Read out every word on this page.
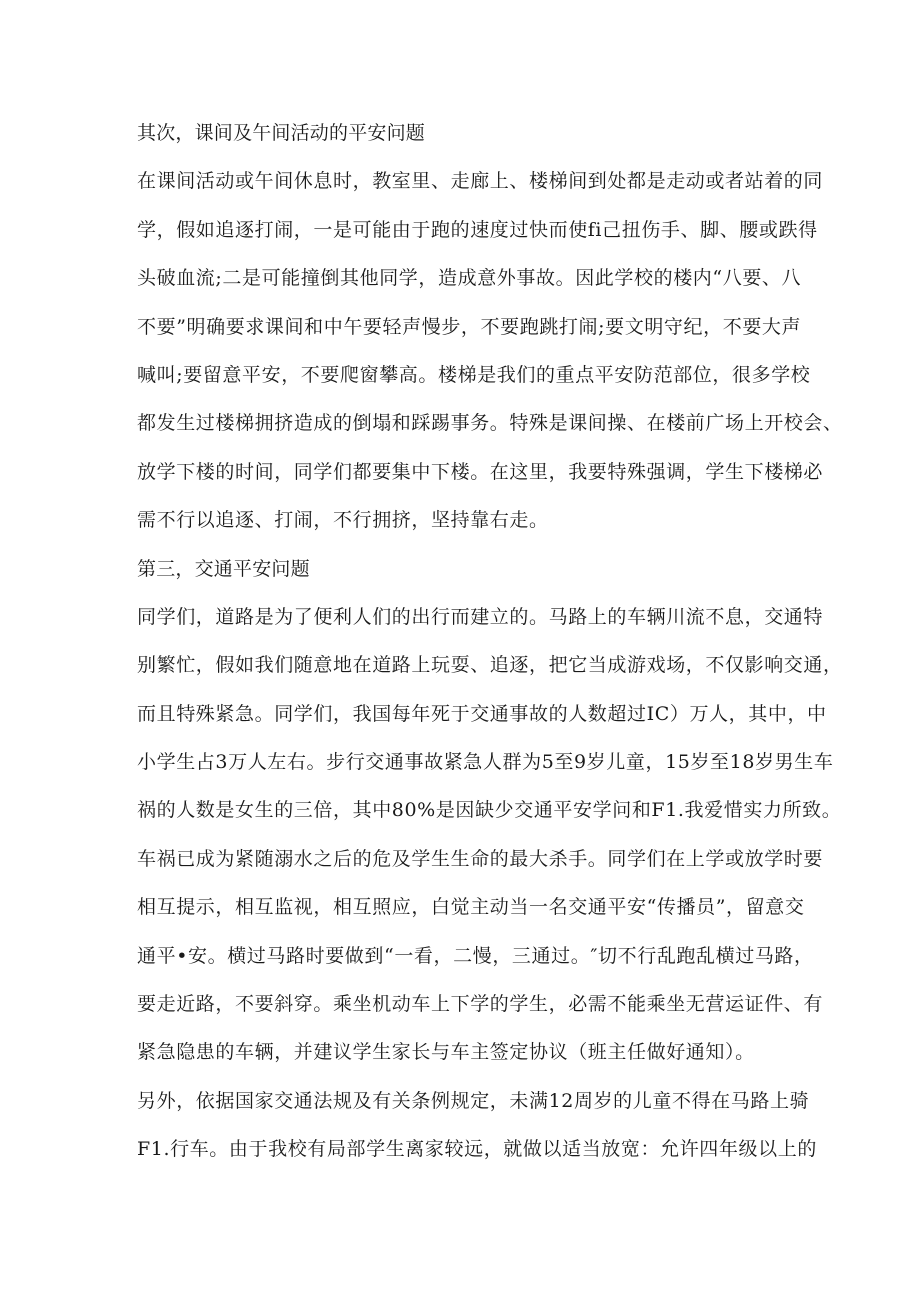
其次，课间及午间活动的平安问题
在课间活动或午间休息时，教室里、走廊上、楼梯间到处都是走动或者站着的同
学，假如追逐打闹，一是可能由于跑的速度过快而使fi己扭伤手、脚、腰或跌得
头破血流;二是可能撞倒其他同学，造成意外事故。因此学校的楼内“八要、八
不要”明确要求课间和中午要轻声慢步，不要跑跳打闹;要文明守纪，不要大声
喊叫;要留意平安，不要爬窗攀高。楼梯是我们的重点平安防范部位，很多学校
都发生过楼梯拥挤造成的倒塌和踩踢事务。特殊是课间操、在楼前广场上开校会、
放学下楼的时间，同学们都要集中下楼。在这里，我要特殊强调，学生下楼梯必
需不行以追逐、打闹，不行拥挤，坚持靠右走。
第三，交通平安问题
同学们，道路是为了便利人们的出行而建立的。马路上的车辆川流不息，交通特
别繁忙，假如我们随意地在道路上玩耍、追逐，把它当成游戏场，不仅影响交通，
而且特殊紧急。同学们，我国每年死于交通事故的人数超过IC）万人，其中，中
小学生占3万人左右。步行交通事故紧急人群为5至9岁儿童，15岁至18岁男生车
祸的人数是女生的三倍，其中80%是因缺少交通平安学问和F1.我爱惜实力所致。
车祸已成为紧随溺水之后的危及学生生命的最大杀手。同学们在上学或放学时要
相互提示，相互监视，相互照应，白觉主动当一名交通平安“传播员”，留意交
通平•安。横过马路时要做到“一看，二慢，三通过。″切不行乱跑乱横过马路，
要走近路，不要斜穿。乘坐机动车上下学的学生，必需不能乘坐无营运证件、有
紧急隐患的车辆，并建议学生家长与车主签定协议（班主任做好通知）。
另外，依据国家交通法规及有关条例规定，未满12周岁的儿童不得在马路上骑
F1.行车。由于我校有局部学生离家较远，就做以适当放宽：允许四年级以上的
